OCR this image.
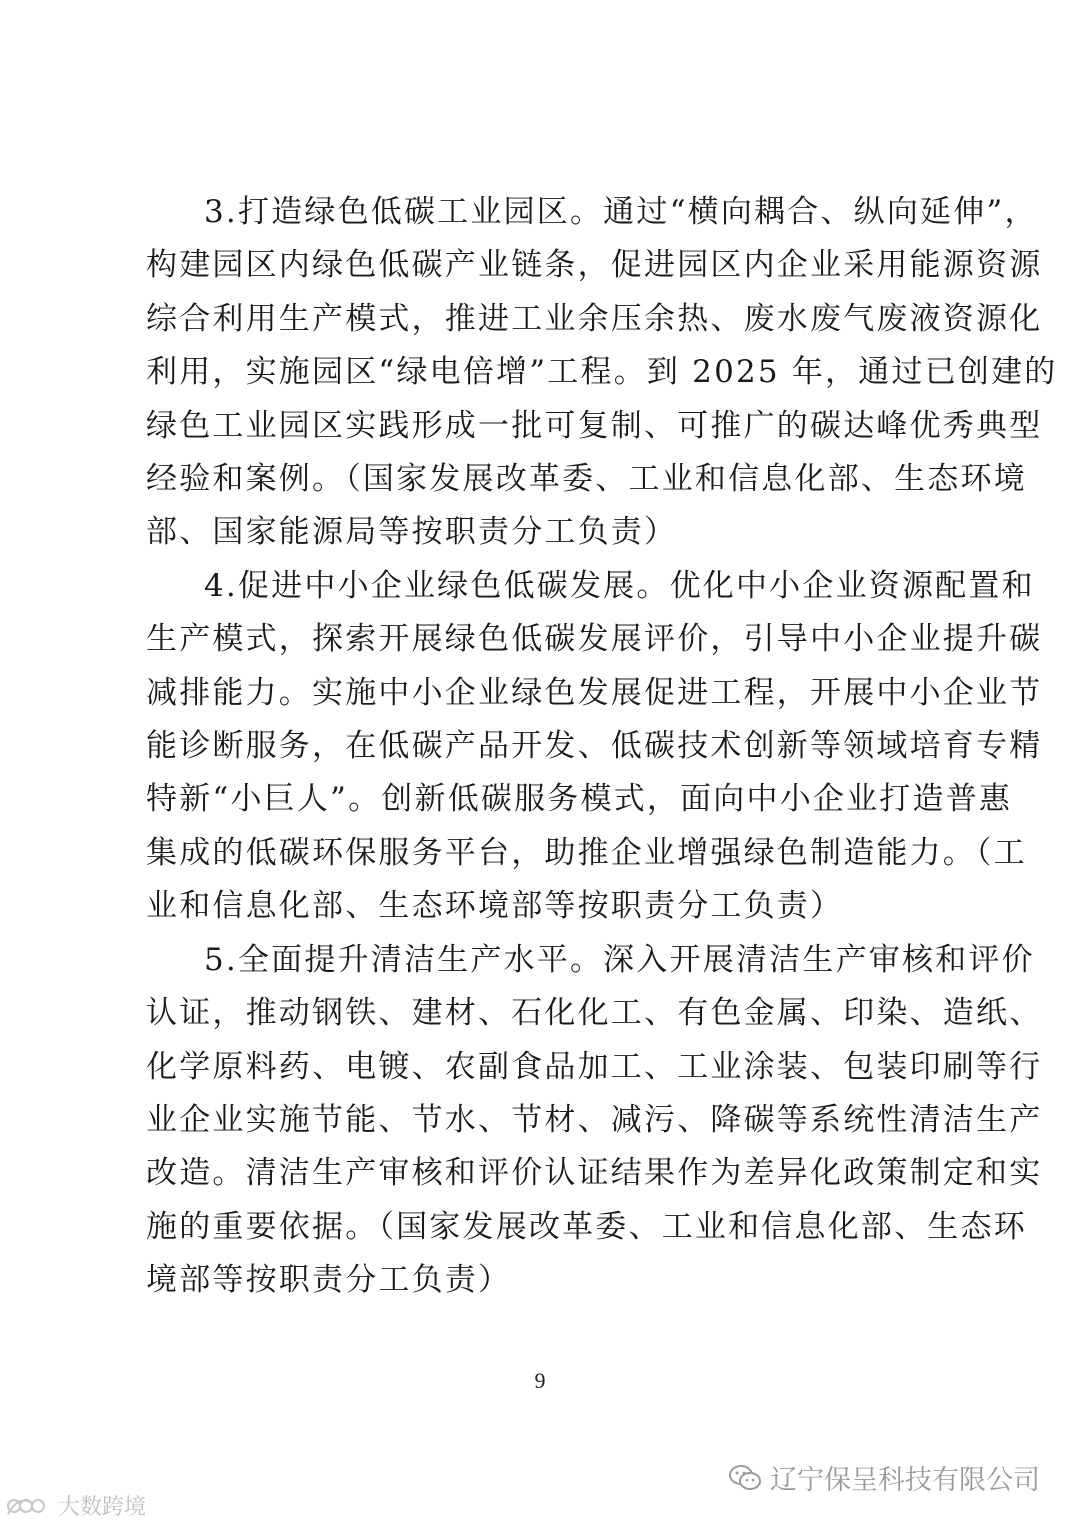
3.打造绿色低碳工业园区。通过“横向耦合、纵向延伸”，
构建园区内绿色低碳产业链条，促进园区内企业采用能源资源
综合利用生产模式，推进工业余压余热、废水废气废液资源化
利用，实施园区“绿电倍增”工程。到 2025 年，通过已创建的
绿色工业园区实践形成一批可复制、可推广的碳达峰优秀典型
经验和案例。（国家发展改革委、工业和信息化部、生态环境
部、国家能源局等按职责分工负责）
4.促进中小企业绿色低碳发展。优化中小企业资源配置和
生产模式，探索开展绿色低碳发展评价，引导中小企业提升碳
减排能力。实施中小企业绿色发展促进工程，开展中小企业节
能诊断服务，在低碳产品开发、低碳技术创新等领域培育专精
特新“小巨人”。创新低碳服务模式，面向中小企业打造普惠
集成的低碳环保服务平台，助推企业增强绿色制造能力。（工
业和信息化部、生态环境部等按职责分工负责）
5.全面提升清洁生产水平。深入开展清洁生产审核和评价
认证，推动钢铁、建材、石化化工、有色金属、印染、造纸、
化学原料药、电镀、农副食品加工、工业涂装、包装印刷等行
业企业实施节能、节水、节材、减污、降碳等系统性清洁生产
改造。清洁生产审核和评价认证结果作为差异化政策制定和实
施的重要依据。（国家发展改革委、工业和信息化部、生态环
境部等按职责分工负责）
9
辽宁保呈科技有限公司
大数跨境
